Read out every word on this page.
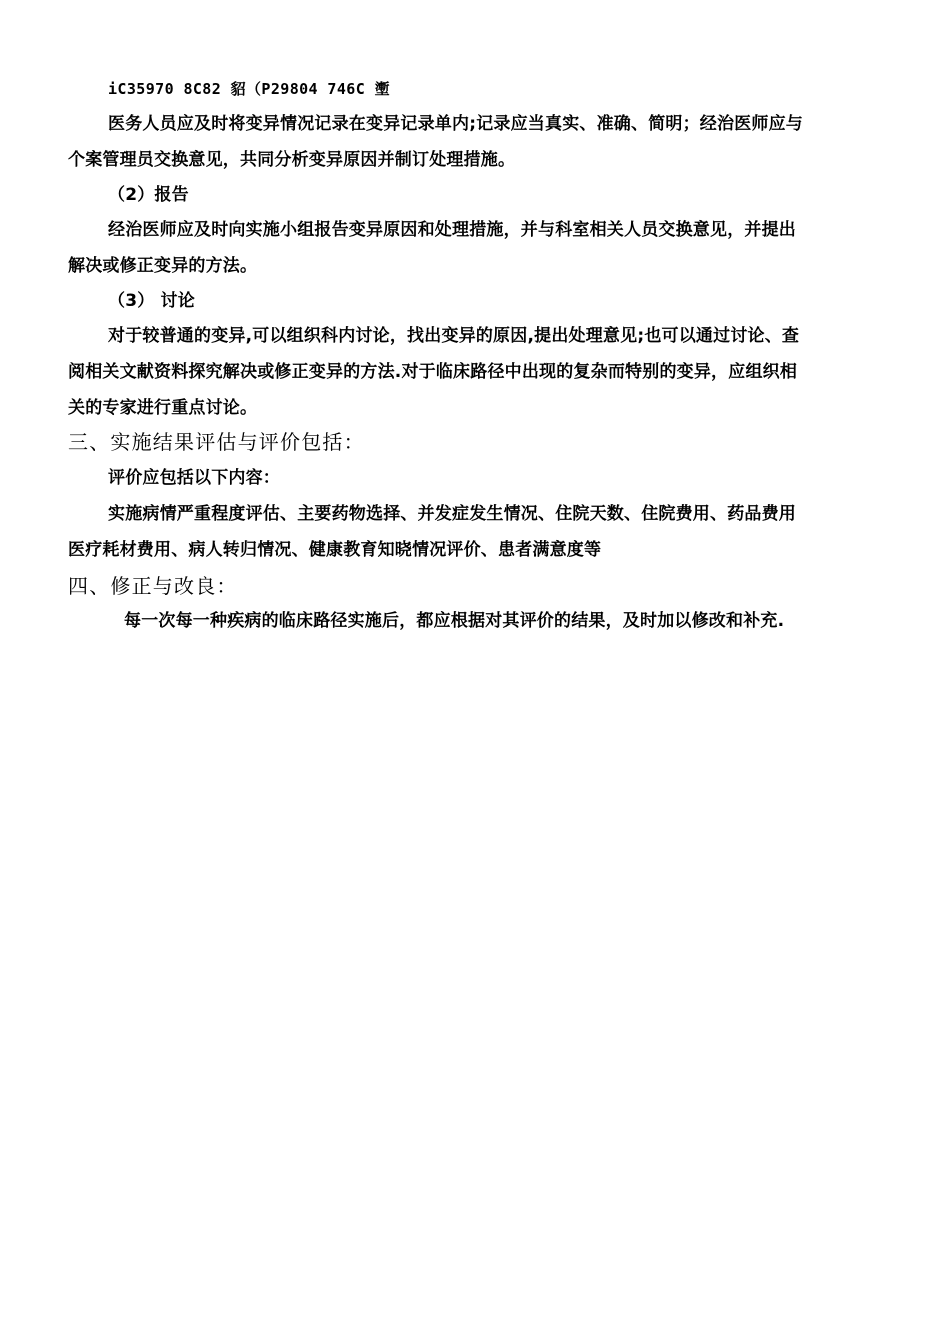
iC35970 8C82 貂（P29804 746C 壍
医务人员应及时将变异情况记录在变异记录单内;记录应当真实、准确、简明；经治医师应与
个案管理员交换意见，共同分析变异原因并制订处理措施。
（2）报告
经治医师应及时向实施小组报告变异原因和处理措施，并与科室相关人员交换意见，并提出
解决或修正变异的方法。
（3） 讨论
对于较普通的变异,可以组织科内讨论，找出变异的原因,提出处理意见;也可以通过讨论、查
阅相关文献资料探究解决或修正变异的方法.对于临床路径中出现的复杂而特别的变异，应组织相
关的专家进行重点讨论。
三、实施结果评估与评价包括：
评价应包括以下内容：
实施病情严重程度评估、主要药物选择、并发症发生情况、住院天数、住院费用、药品费用
医疗耗材费用、病人转归情况、健康教育知晓情况评价、患者满意度等
四、修正与改良：
每一次每一种疾病的临床路径实施后，都应根据对其评价的结果，及时加以修改和补充.
